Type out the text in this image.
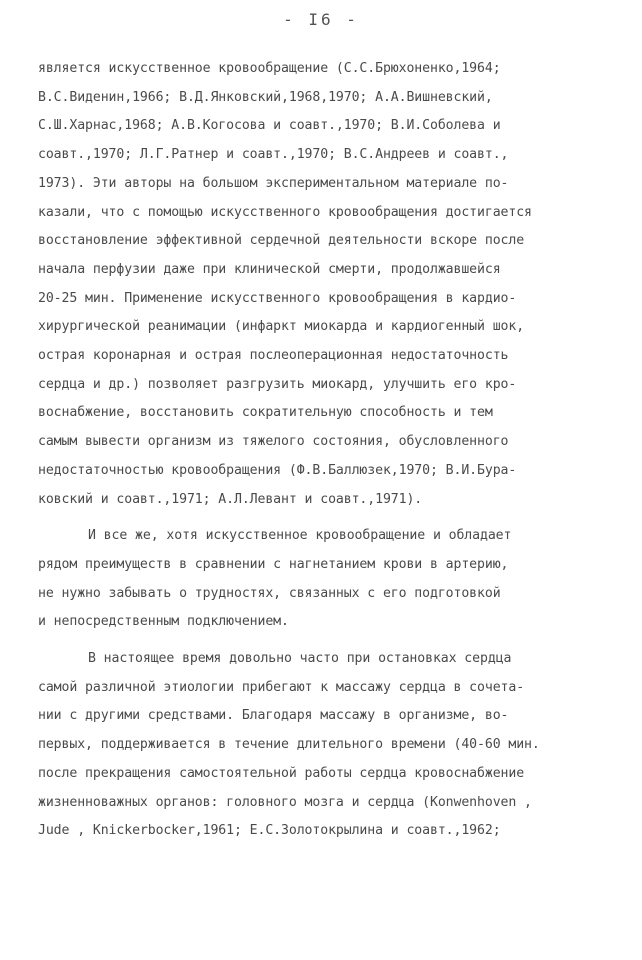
- I6 -
является искусственное кровообращение (С.С.Брюхоненко,1964;
В.С.Виденин,1966; В.Д.Янковский,1968,1970; А.А.Вишневский,
С.Ш.Харнас,1968; А.В.Когосова и соавт.,1970; В.И.Соболева и
соавт.,1970; Л.Г.Ратнер и соавт.,1970; В.С.Андреев и соавт.,
1973). Эти авторы на большом экспериментальном материале по-
казали, что с помощью искусственного кровообращения достигается
восстановление эффективной сердечной деятельности вскоре после
начала перфузии даже при клинической смерти, продолжавшейся
20-25 мин. Применение искусственного кровообращения в кардио-
хирургической реанимации (инфаркт миокарда и кардиогенный шок,
острая коронарная и острая послеоперационная недостаточность
сердца и др.) позволяет разгрузить миокард, улучшить его кро-
воснабжение, восстановить сократительную способность и тем
самым вывести организм из тяжелого состояния, обусловленного
недостаточностью кровообращения (Ф.В.Баллюзек,1970; В.И.Бура-
ковский и соавт.,1971; А.Л.Левант и соавт.,1971).
И все же, хотя искусственное кровообращение и обладает
рядом преимуществ в сравнении с нагнетанием крови в артерию,
не нужно забывать о трудностях, связанных с его подготовкой
и непосредственным подключением.
В настоящее время довольно часто при остановках сердца
самой различной этиологии прибегают к массажу сердца в сочета-
нии с другими средствами. Благодаря массажу в организме, во-
первых, поддерживается в течение длительного времени (40-60 мин.
после прекращения самостоятельной работы сердца кровоснабжение
жизненноважных органов: головного мозга и сердца (Konwenhoven ,
Jude , Knickerbocker,1961; Е.С.Золотокрылина и соавт.,1962;
